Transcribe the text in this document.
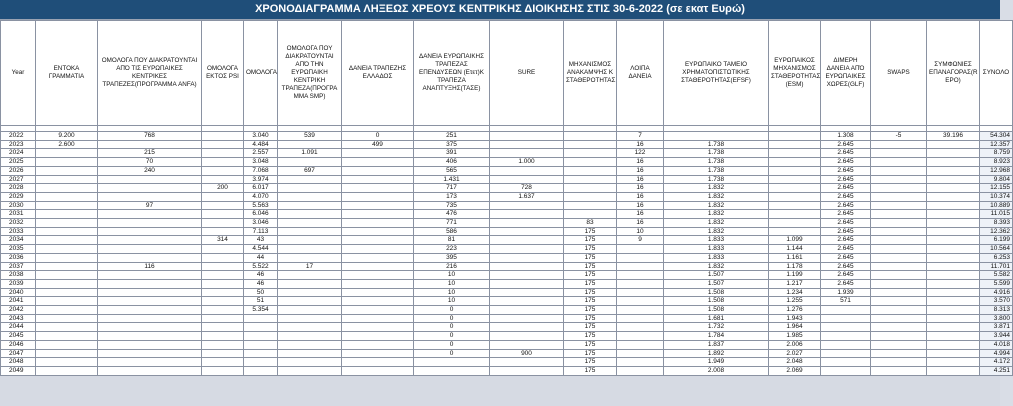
ΧΡΟΝΟΔΙΑΓΡΑΜΜΑ ΛΗΞΕΩΣ ΧΡΕΟΥΣ ΚΕΝΤΡΙΚΗΣ ΔΙΟΙΚΗΣΗΣ ΣΤΙΣ 30-6-2022 (σε εκατ Ευρώ)
Year	ΕΝΤΟΚΑ ΓΡΑΜΜΑΤΙΑ	ΟΜΟΛΟΓΑ ΠΟΥ ΔΙΑΚΡΑΤΟΥΝΤΑΙ ΑΠΌ ΤΙΣ ΕΥΡΩΠΑΙΚΕΣ ΚΕΝΤΡΙΚΕΣ ΤΡΑΠΕΖΕΣ(ΠΡΟΓΡΑΜΜΑ ANFA)	ΟΜΟΛΟΓΑ ΕΚΤΟΣ PSI	ΟΜΟΛΟΓΑ	ΟΜΟΛΟΓΑ ΠΟΥ ΔΙΑΚΡΑΤΟΥΝΤΑΙ ΑΠΌ ΤΗΝ ΕΥΡΩΠΑΙΚΗ ΚΕΝΤΡΙΚΗ ΤΡΑΠΕΖΑ(ΠΡΟΓΡΑ ΜΜΑ SMP)	ΔΑΝΕΙΑ ΤΡΑΠΕΖΗΣ ΕΛΛΑΔΟΣ	ΔΑΝΕΙΑ ΕΥΡΩΠΑΙΚΗΣ ΤΡΑΠΕΖΑΣ ΕΠΕΝΔΥΣΕΩΝ (Ετετ)Κ ΤΡΑΠΕΖΑ ΑΝΑΠΤΥΞΗΣ(ΤΑΣΕ)	SURE	ΜΗΧΑΝΙΣΜΟΣ ΑΝΑΚΑΜΨΗΣ Κ ΣΤΑΘΕΡΟΤΗΤΑΣ	ΛΟΙΠΑ ΔΑΝΕΙΑ	ΕΥΡΩΠΑΙΚΟ ΤΑΜΕΙΟ ΧΡΗΜΑΤΟΠΙΣΤΩΤΙΚΗΣ ΣΤΑΘΕΡΟΤΗΤΑΣ(EFSF)	ΕΥΡΩΠΑΙΚΟΣ ΜΗΧΑΝΙΣΜΟΣ ΣΤΑΘΕΡΟΤΗΤΑΣ (ESM)	ΔΙΜΕΡΗ ΔΑΝΕΙΑ ΑΠΌ ΕΥΡΩΠΑΙΚΕΣ ΧΩΡΕΣ(GLF)	SWAPS	ΣΥΜΦΩΝΙΕΣ ΕΠΑΝΑΓΟΡΑΣ(R EPO)	ΣΥΝΟΛΟ

2022	9.200	768		3.040	539	0	251			7			1.308	-5	39.196	54.304
2023	2.600			4.484		499	375			16	1.738		2.645			12.357
2024		215		2.557	1.091		391			122	1.738		2.645			8.759
2025		70		3.048			406	1.000		16	1.738		2.645			8.923
2026		240		7.068	697		565			16	1.738		2.645			12.968
2027				3.974			1.431			16	1.738		2.645			9.804
2028			200	6.017			717	728		16	1.832		2.645			12.155
2029				4.070			173	1.637		16	1.832		2.645			10.374
2030		97		5.563			735			16	1.832		2.645			10.889
2031				6.046			476			16	1.832		2.645			11.015
2032				3.046			771		83	16	1.832		2.645			8.393
2033				7.113			586		175	10	1.832		2.645			12.362
2034			314	43			81		175	9	1.833	1.099	2.645			6.199
2035				4.544			223		175		1.833	1.144	2.645			10.564
2036				44			395		175		1.833	1.161	2.645			6.253
2037		116		5.522	17		216		175		1.832	1.178	2.645			11.701
2038				46			10		175		1.507	1.199	2.645			5.582
2039				46			10		175		1.507	1.217	2.645			5.599
2040				50			10		175		1.508	1.234	1.939			4.916
2041				51			10		175		1.508	1.255	571			3.570
2042				5.354			0		175		1.508	1.276				8.313
2043							0		175		1.681	1.943				3.800
2044							0		175		1.732	1.964				3.871
2045							0		175		1.784	1.985				3.944
2046							0		175		1.837	2.006				4.018
2047							0	900	175		1.892	2.027				4.994
2048									175		1.949	2.048				4.172
2049									175		2.008	2.069				4.251
